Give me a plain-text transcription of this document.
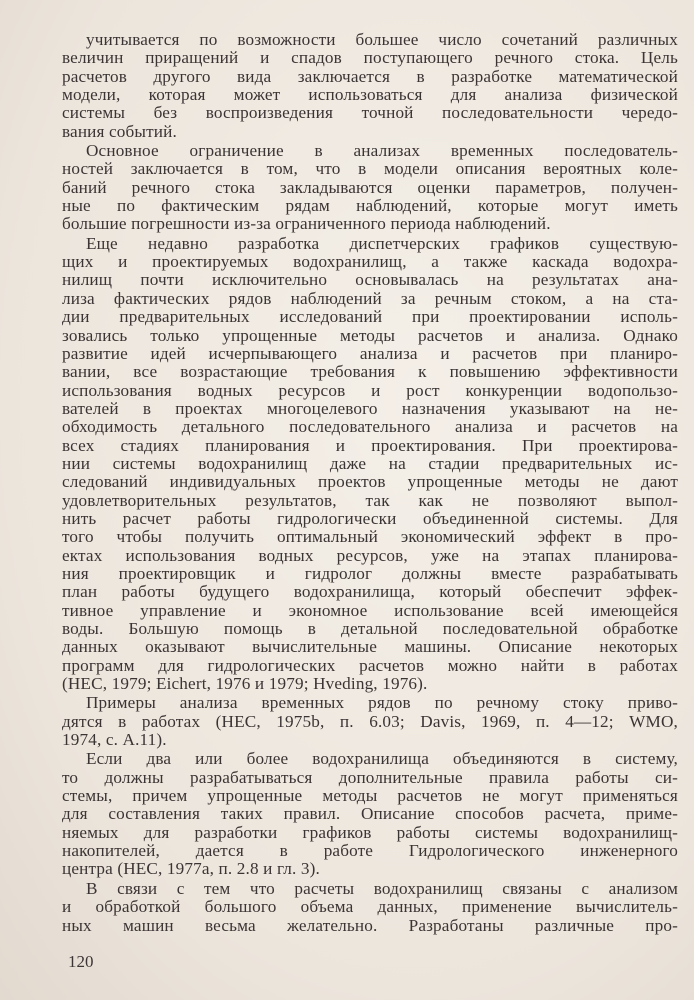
учитывается по возможности большее число сочетаний различных
величин приращений и спадов поступающего речного стока. Цель
расчетов другого вида заключается в разработке математической
модели, которая может использоваться для анализа физической
системы без воспроизведения точной последовательности чередо-
вания событий.
Основное ограничение в анализах временных последователь-
ностей заключается в том, что в модели описания вероятных коле-
баний речного стока закладываются оценки параметров, получен-
ные по фактическим рядам наблюдений, которые могут иметь
большие погрешности из-за ограниченного периода наблюдений.
Еще недавно разработка диспетчерских графиков существую-
щих и проектируемых водохранилищ, а также каскада водохра-
нилищ почти исключительно основывалась на результатах ана-
лиза фактических рядов наблюдений за речным стоком, а на ста-
дии предварительных исследований при проектировании исполь-
зовались только упрощенные методы расчетов и анализа. Однако
развитие идей исчерпывающего анализа и расчетов при планиро-
вании, все возрастающие требования к повышению эффективности
использования водных ресурсов и рост конкуренции водопользо-
вателей в проектах многоцелевого назначения указывают на не-
обходимость детального последовательного анализа и расчетов на
всех стадиях планирования и проектирования. При проектирова-
нии системы водохранилищ даже на стадии предварительных ис-
следований индивидуальных проектов упрощенные методы не дают
удовлетворительных результатов, так как не позволяют выпол-
нить расчет работы гидрологически объединенной системы. Для
того чтобы получить оптимальный экономический эффект в про-
ектах использования водных ресурсов, уже на этапах планирова-
ния проектировщик и гидролог должны вместе разрабатывать
план работы будущего водохранилища, который обеспечит эффек-
тивное управление и экономное использование всей имеющейся
воды. Большую помощь в детальной последовательной обработке
данных оказывают вычислительные машины. Описание некоторых
программ для гидрологических расчетов можно найти в работах
(HEC, 1979; Eichert, 1976 и 1979; Hveding, 1976).
Примеры анализа временных рядов по речному стоку приво-
дятся в работах (HEC, 1975b, п. 6.03; Davis, 1969, п. 4—12; WMO,
1974, с. A.11).
Если два или более водохранилища объединяются в систему,
то должны разрабатываться дополнительные правила работы си-
стемы, причем упрощенные методы расчетов не могут применяться
для составления таких правил. Описание способов расчета, приме-
няемых для разработки графиков работы системы водохранилищ-
накопителей, дается в работе Гидрологического инженерного
центра (HEC, 1977a, п. 2.8 и гл. 3).
В связи с тем что расчеты водохранилищ связаны с анализом
и обработкой большого объема данных, применение вычислитель-
ных машин весьма желательно. Разработаны различные про-
120
